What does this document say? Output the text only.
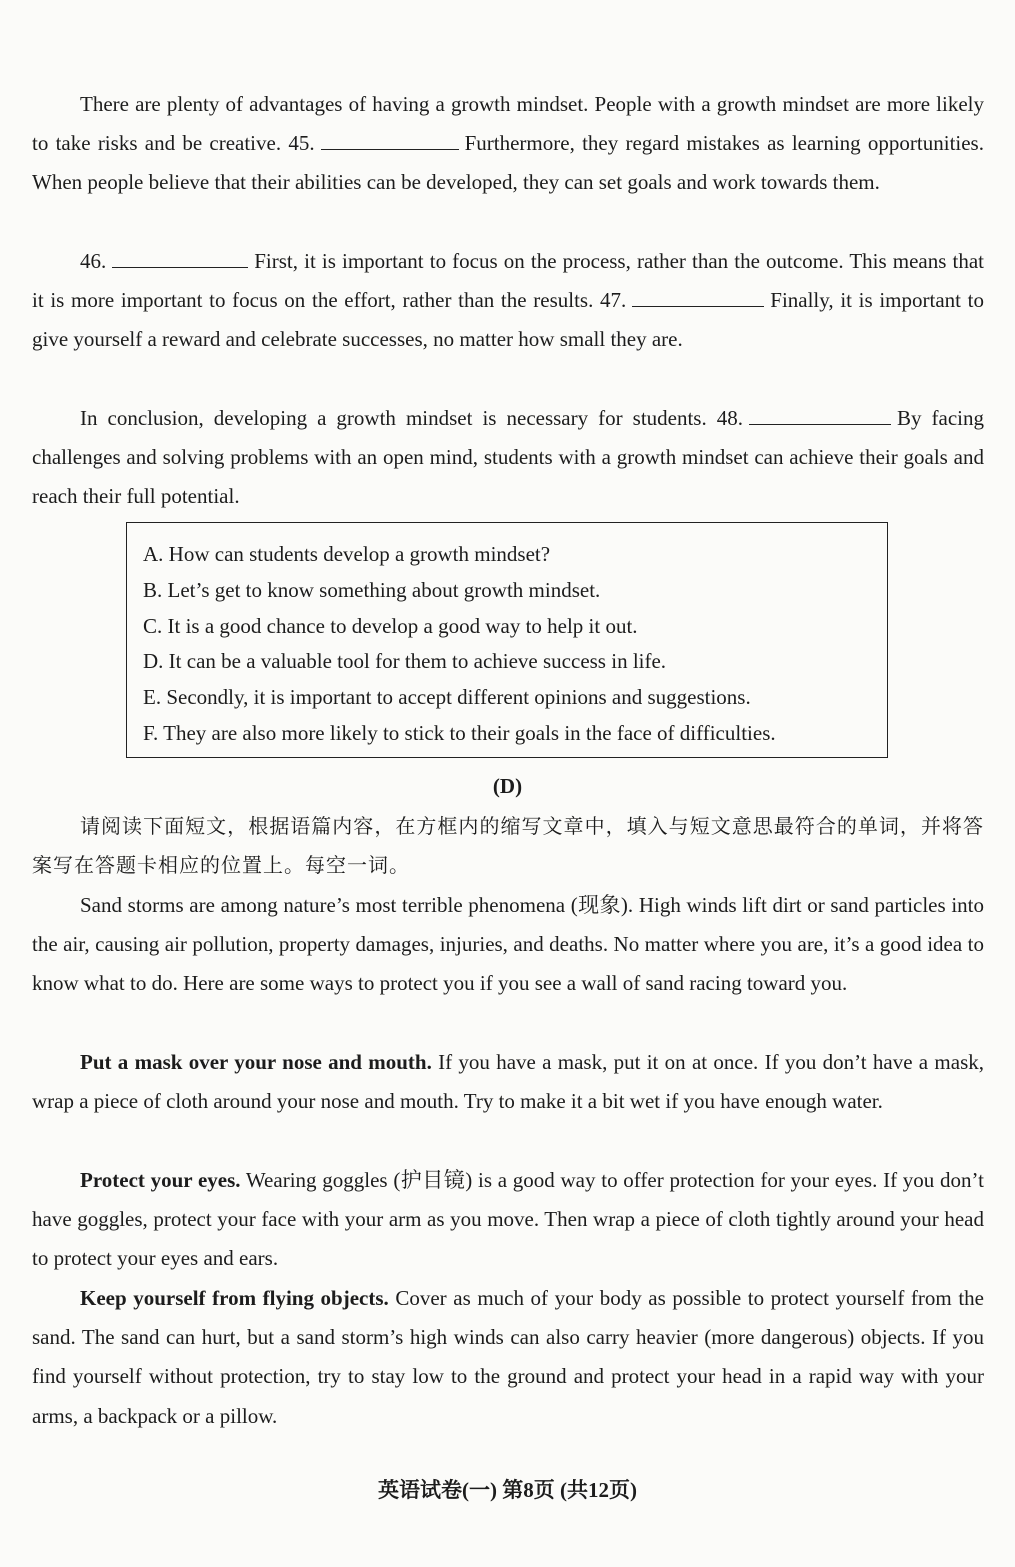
There are plenty of advantages of having a growth mindset. People with a growth mindset are more likely to take risks and be creative. 45.	Furthermore, they regard mistakes as learning opportunities. When people believe that their abilities can be developed, they can set goals and work towards them.

46.	First, it is important to focus on the process, rather than the outcome. This means that it is more important to focus on the effort, rather than the results. 47.	Finally, it is important to give yourself a reward and celebrate successes, no matter how small they are.

In conclusion, developing a growth mindset is necessary for students. 48.	By facing challenges and solving problems with an open mind, students with a growth mindset can achieve their goals and reach their full potential.

A. How can students develop a growth mindset?

B. Let’s get to know something about growth mindset.

C. It is a good chance to develop a good way to help it out.

D. It can be a valuable tool for them to achieve success in life.

E. Secondly, it is important to accept different opinions and suggestions.

F. They are also more likely to stick to their goals in the face of difficulties.

(D)

请阅读下面短文，根据语篇内容，在方框内的缩写文章中，填入与短文意思最符合的单词，并将答案写在答题卡相应的位置上。每空一词。

Sand storms are among nature’s most terrible phenomena (现象). High winds lift dirt or sand particles into the air, causing air pollution, property damages, injuries, and deaths. No matter where you are, it’s a good idea to know what to do. Here are some ways to protect you if you see a wall of sand racing toward you.

Put a mask over your nose and mouth. If you have a mask, put it on at once. If you don’t have a mask, wrap a piece of cloth around your nose and mouth. Try to make it a bit wet if you have enough water.

Protect your eyes. Wearing goggles (护目镜) is a good way to offer protection for your eyes. If you don’t have goggles, protect your face with your arm as you move. Then wrap a piece of cloth tightly around your head to protect your eyes and ears.

Keep yourself from flying objects. Cover as much of your body as possible to protect yourself from the sand. The sand can hurt, but a sand storm’s high winds can also carry heavier (more dangerous) objects. If you find yourself without protection, try to stay low to the ground and protect your head in a rapid way with your arms, a backpack or a pillow.

英语试卷(一) 第8页 (共12页)
